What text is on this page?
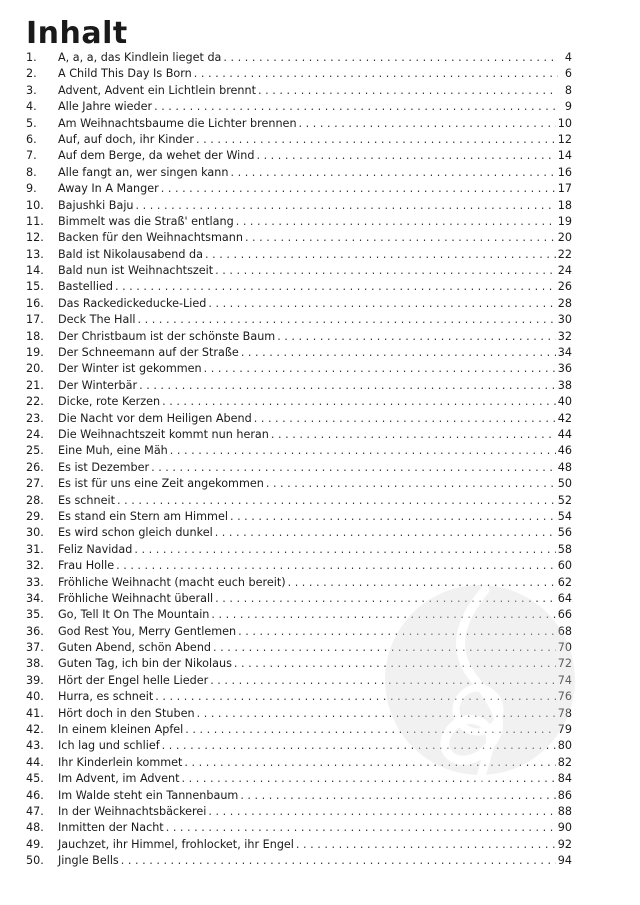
Inhalt
1.	A, a, a, das Kindlein lieget da . . .	4
2.	A Child This Day Is Born . . .	6
3.	Advent, Advent ein Lichtlein brennt . . .	8
4.	Alle Jahre wieder . . .	9
5.	Am Weihnachtsbaume die Lichter brennen . . .	10
6.	Auf, auf doch, ihr Kinder . . .	12
7.	Auf dem Berge, da wehet der Wind . . .	14
8.	Alle fangt an, wer singen kann . . .	16
9.	Away In A Manger . . .	17
10.	Bajushki Baju . . .	18
11.	Bimmelt was die Straß' entlang . . .	19
12.	Backen für den Weihnachtsmann . . .	20
13.	Bald ist Nikolausabend da . . .	22
14.	Bald nun ist Weihnachtszeit . . .	24
15.	Bastellied . . .	26
16.	Das Rackedickeducke-Lied . . .	28
17.	Deck The Hall . . .	30
18.	Der Christbaum ist der schönste Baum . . .	32
19.	Der Schneemann auf der Straße . . .	34
20.	Der Winter ist gekommen . . .	36
21.	Der Winterbär . . .	38
22.	Dicke, rote Kerzen . . .	40
23.	Die Nacht vor dem Heiligen Abend . . .	42
24.	Die Weihnachtszeit kommt nun heran . . .	44
25.	Eine Muh, eine Mäh . . .	46
26.	Es ist Dezember . . .	48
27.	Es ist für uns eine Zeit angekommen . . .	50
28.	Es schneit . . .	52
29.	Es stand ein Stern am Himmel . . .	54
30.	Es wird schon gleich dunkel . . .	56
31.	Feliz Navidad . . .	58
32.	Frau Holle . . .	60
33.	Fröhliche Weihnacht (macht euch bereit) . . .	62
34.	Fröhliche Weihnacht überall . . .	64
35.	Go, Tell It On The Mountain . . .	66
36.	God Rest You, Merry Gentlemen . . .	68
37.	Guten Abend, schön Abend . . .	70
38.	Guten Tag, ich bin der Nikolaus . . .	72
39.	Hört der Engel helle Lieder . . .	74
40.	Hurra, es schneit . . .	76
41.	Hört doch in den Stuben . . .	78
42.	In einem kleinen Apfel . . .	79
43.	Ich lag und schlief . . .	80
44.	Ihr Kinderlein kommet . . .	82
45.	Im Advent, im Advent . . .	84
46.	Im Walde steht ein Tannenbaum . . .	86
47.	In der Weihnachtsbäckerei . . .	88
48.	Inmitten der Nacht . . .	90
49.	Jauchzet, ihr Himmel, frohlocket, ihr Engel . . .	92
50.	Jingle Bells . . .	94
